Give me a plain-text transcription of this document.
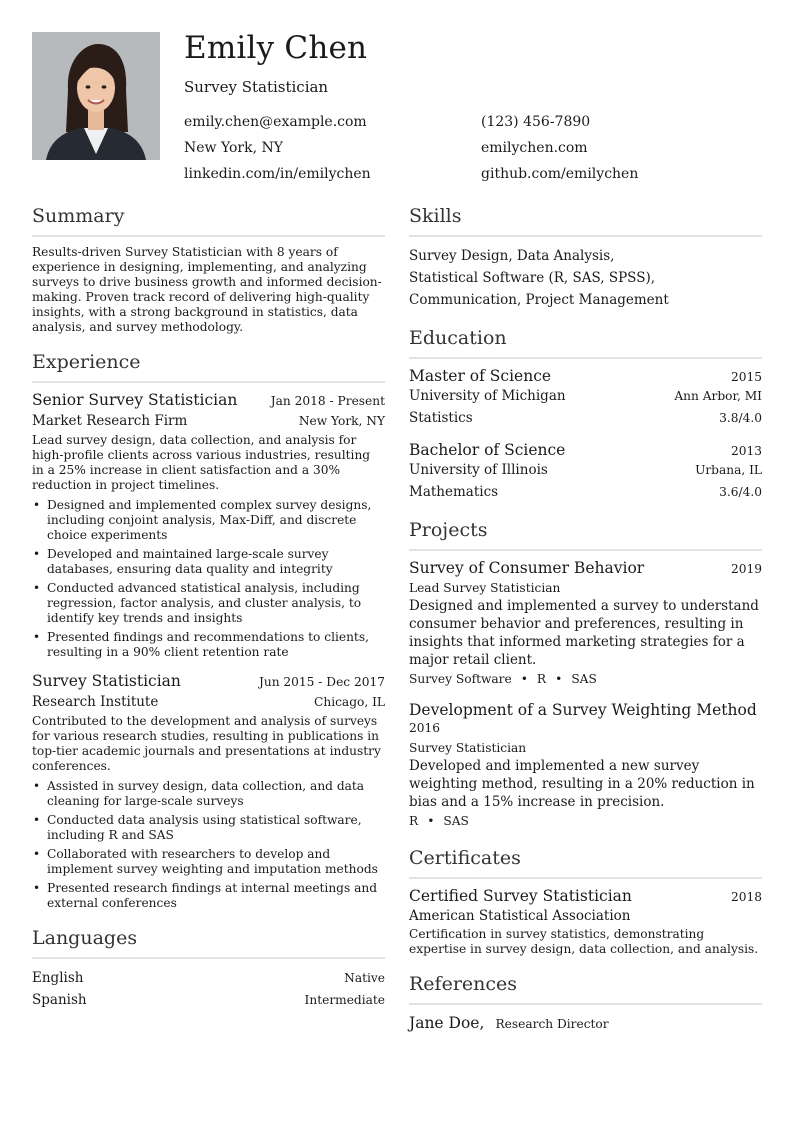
Emily Chen
Survey Statistician
emily.chen@example.com	(123) 456-7890
New York, NY	emilychen.com
linkedin.com/in/emilychen	github.com/emilychen
Summary

Results-driven Survey Statistician with 8 years of experience in designing, implementing, and analyzing surveys to drive business growth and informed decision-making. Proven track record of delivering high-quality insights, with a strong background in statistics, data analysis, and survey methodology.

Experience
Senior Survey Statistician	Jan 2018 - Present
Market Research Firm	New York, NY

Lead survey design, data collection, and analysis for high-profile clients across various industries, resulting in a 25% increase in client satisfaction and a 30% reduction in project timelines.

• Designed and implemented complex survey designs, including conjoint analysis, Max-Diff, and discrete choice experiments
• Developed and maintained large-scale survey databases, ensuring data quality and integrity
• Conducted advanced statistical analysis, including regression, factor analysis, and cluster analysis, to identify key trends and insights
• Presented findings and recommendations to clients, resulting in a 90% client retention rate
Survey Statistician	Jun 2015 - Dec 2017
Research Institute	Chicago, IL

Contributed to the development and analysis of surveys for various research studies, resulting in publications in top-tier academic journals and presentations at industry conferences.

• Assisted in survey design, data collection, and data cleaning for large-scale surveys
• Conducted data analysis using statistical software, including R and SAS
• Collaborated with researchers to develop and implement survey weighting and imputation methods
• Presented research findings at internal meetings and external conferences
Languages
English	Native
Spanish	Intermediate
Skills
Survey Design, Data Analysis,
Statistical Software (R, SAS, SPSS),
Communication, Project Management
Education
Master of Science	2015
University of Michigan	Ann Arbor, MI
Statistics	3.8/4.0
Bachelor of Science	2013
University of Illinois	Urbana, IL
Mathematics	3.6/4.0
Projects
Survey of Consumer Behavior	2019
Lead Survey Statistician

Designed and implemented a survey to understand consumer behavior and preferences, resulting in insights that informed marketing strategies for a major retail client.

Survey Software • R • SAS
Development of a Survey Weighting Method
2016
Survey Statistician

Developed and implemented a new survey weighting method, resulting in a 20% reduction in bias and a 15% increase in precision.

R • SAS
Certificates
Certified Survey Statistician	2018
American Statistical Association

Certification in survey statistics, demonstrating expertise in survey design, data collection, and analysis.

References
Jane Doe, Research Director
